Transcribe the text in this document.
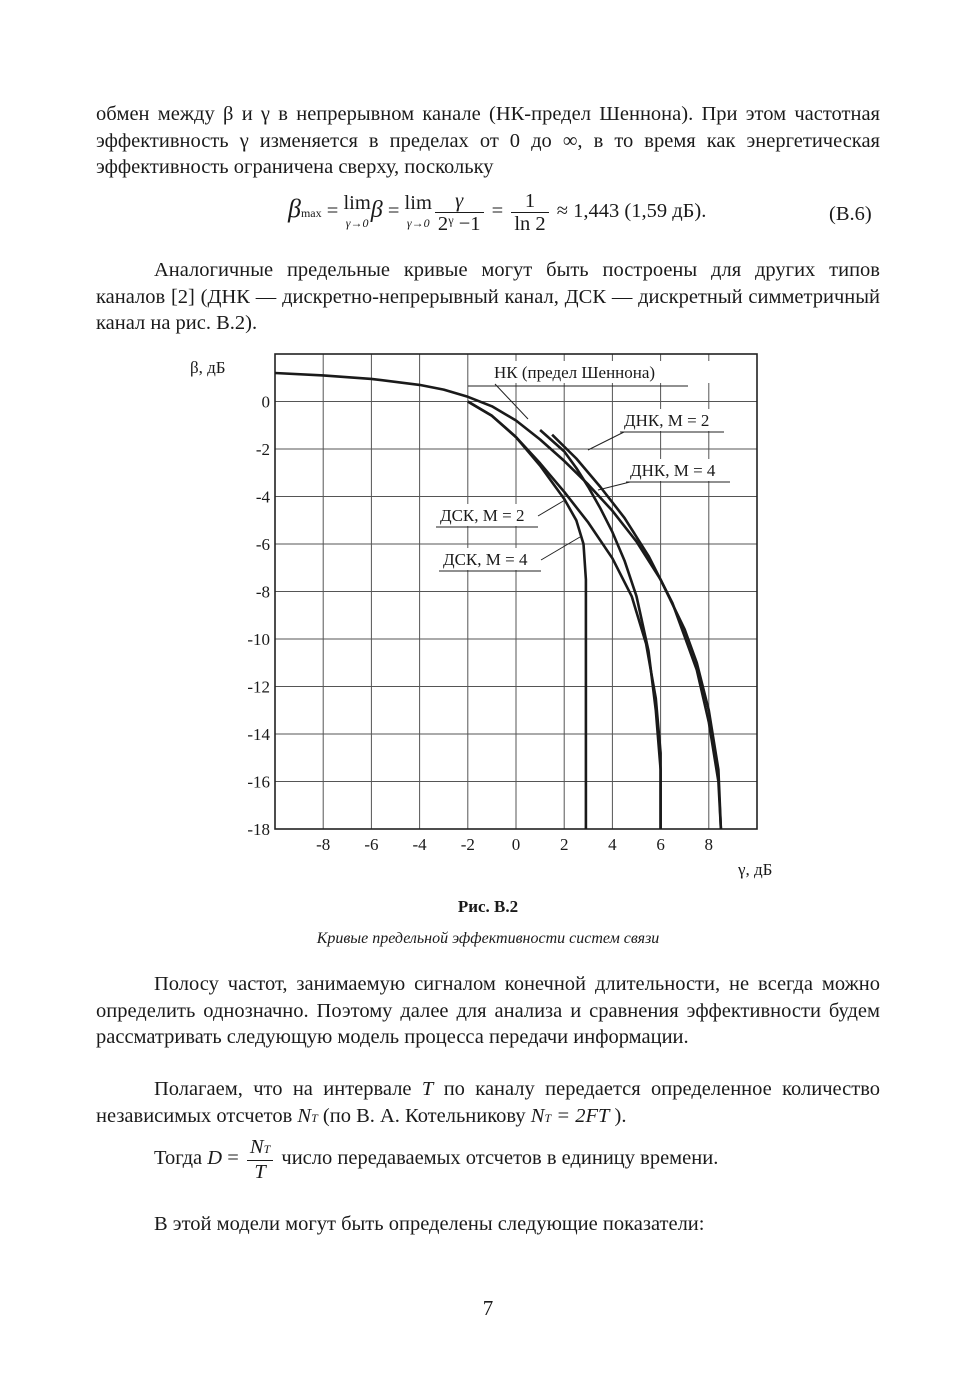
обмен между β и γ в непрерывном канале (НК-предел Шеннона). При этом частотная эффективность γ изменяется в пределах от 0 до ∞, в то время как энергетическая эффективность ограничена сверху, поскольку

βmax = lim
γ→0 β = lim
$\gamma\to 0 \frac{\gamma}{\text{2ᵞ −1}} = \frac{1}{\ln 2} \approx 1,443$ (1,59 дБ).	(В.6)

Аналогичные предельные кривые могут быть построены для других типов каналов [2] (ДНК — дискретно-непрерывный канал, ДСК — дискретный симметричный канал на рис. В.2).

-8 -6 -4 -2 0 2 4 6 8
0
-2
-4
-6
-8
-10
-12
-14
-16
-18
β, дБ
γ, дБ
НК (предел Шеннона)
ДНК, M = 2
ДНК, M = 4
ДСК, M = 2
ДСК, M = 4
Рис. В.2
Кривые предельной эффективности систем связи

Полосу частот, занимаемую сигналом конечной длительности, не всегда можно определить однозначно. Поэтому далее для анализа и сравнения эффективности будем рассматривать следующую модель процесса передачи информации.

Полагаем, что на интервале T по каналу передается определенное количество независимых отсчетов NT (по В. А. Котельникову NT = 2FT ).

Тогда $D = \frac{NT}{T}$ число передаваемых отсчетов в единицу времени.

В этой модели могут быть определены следующие показатели:

7
